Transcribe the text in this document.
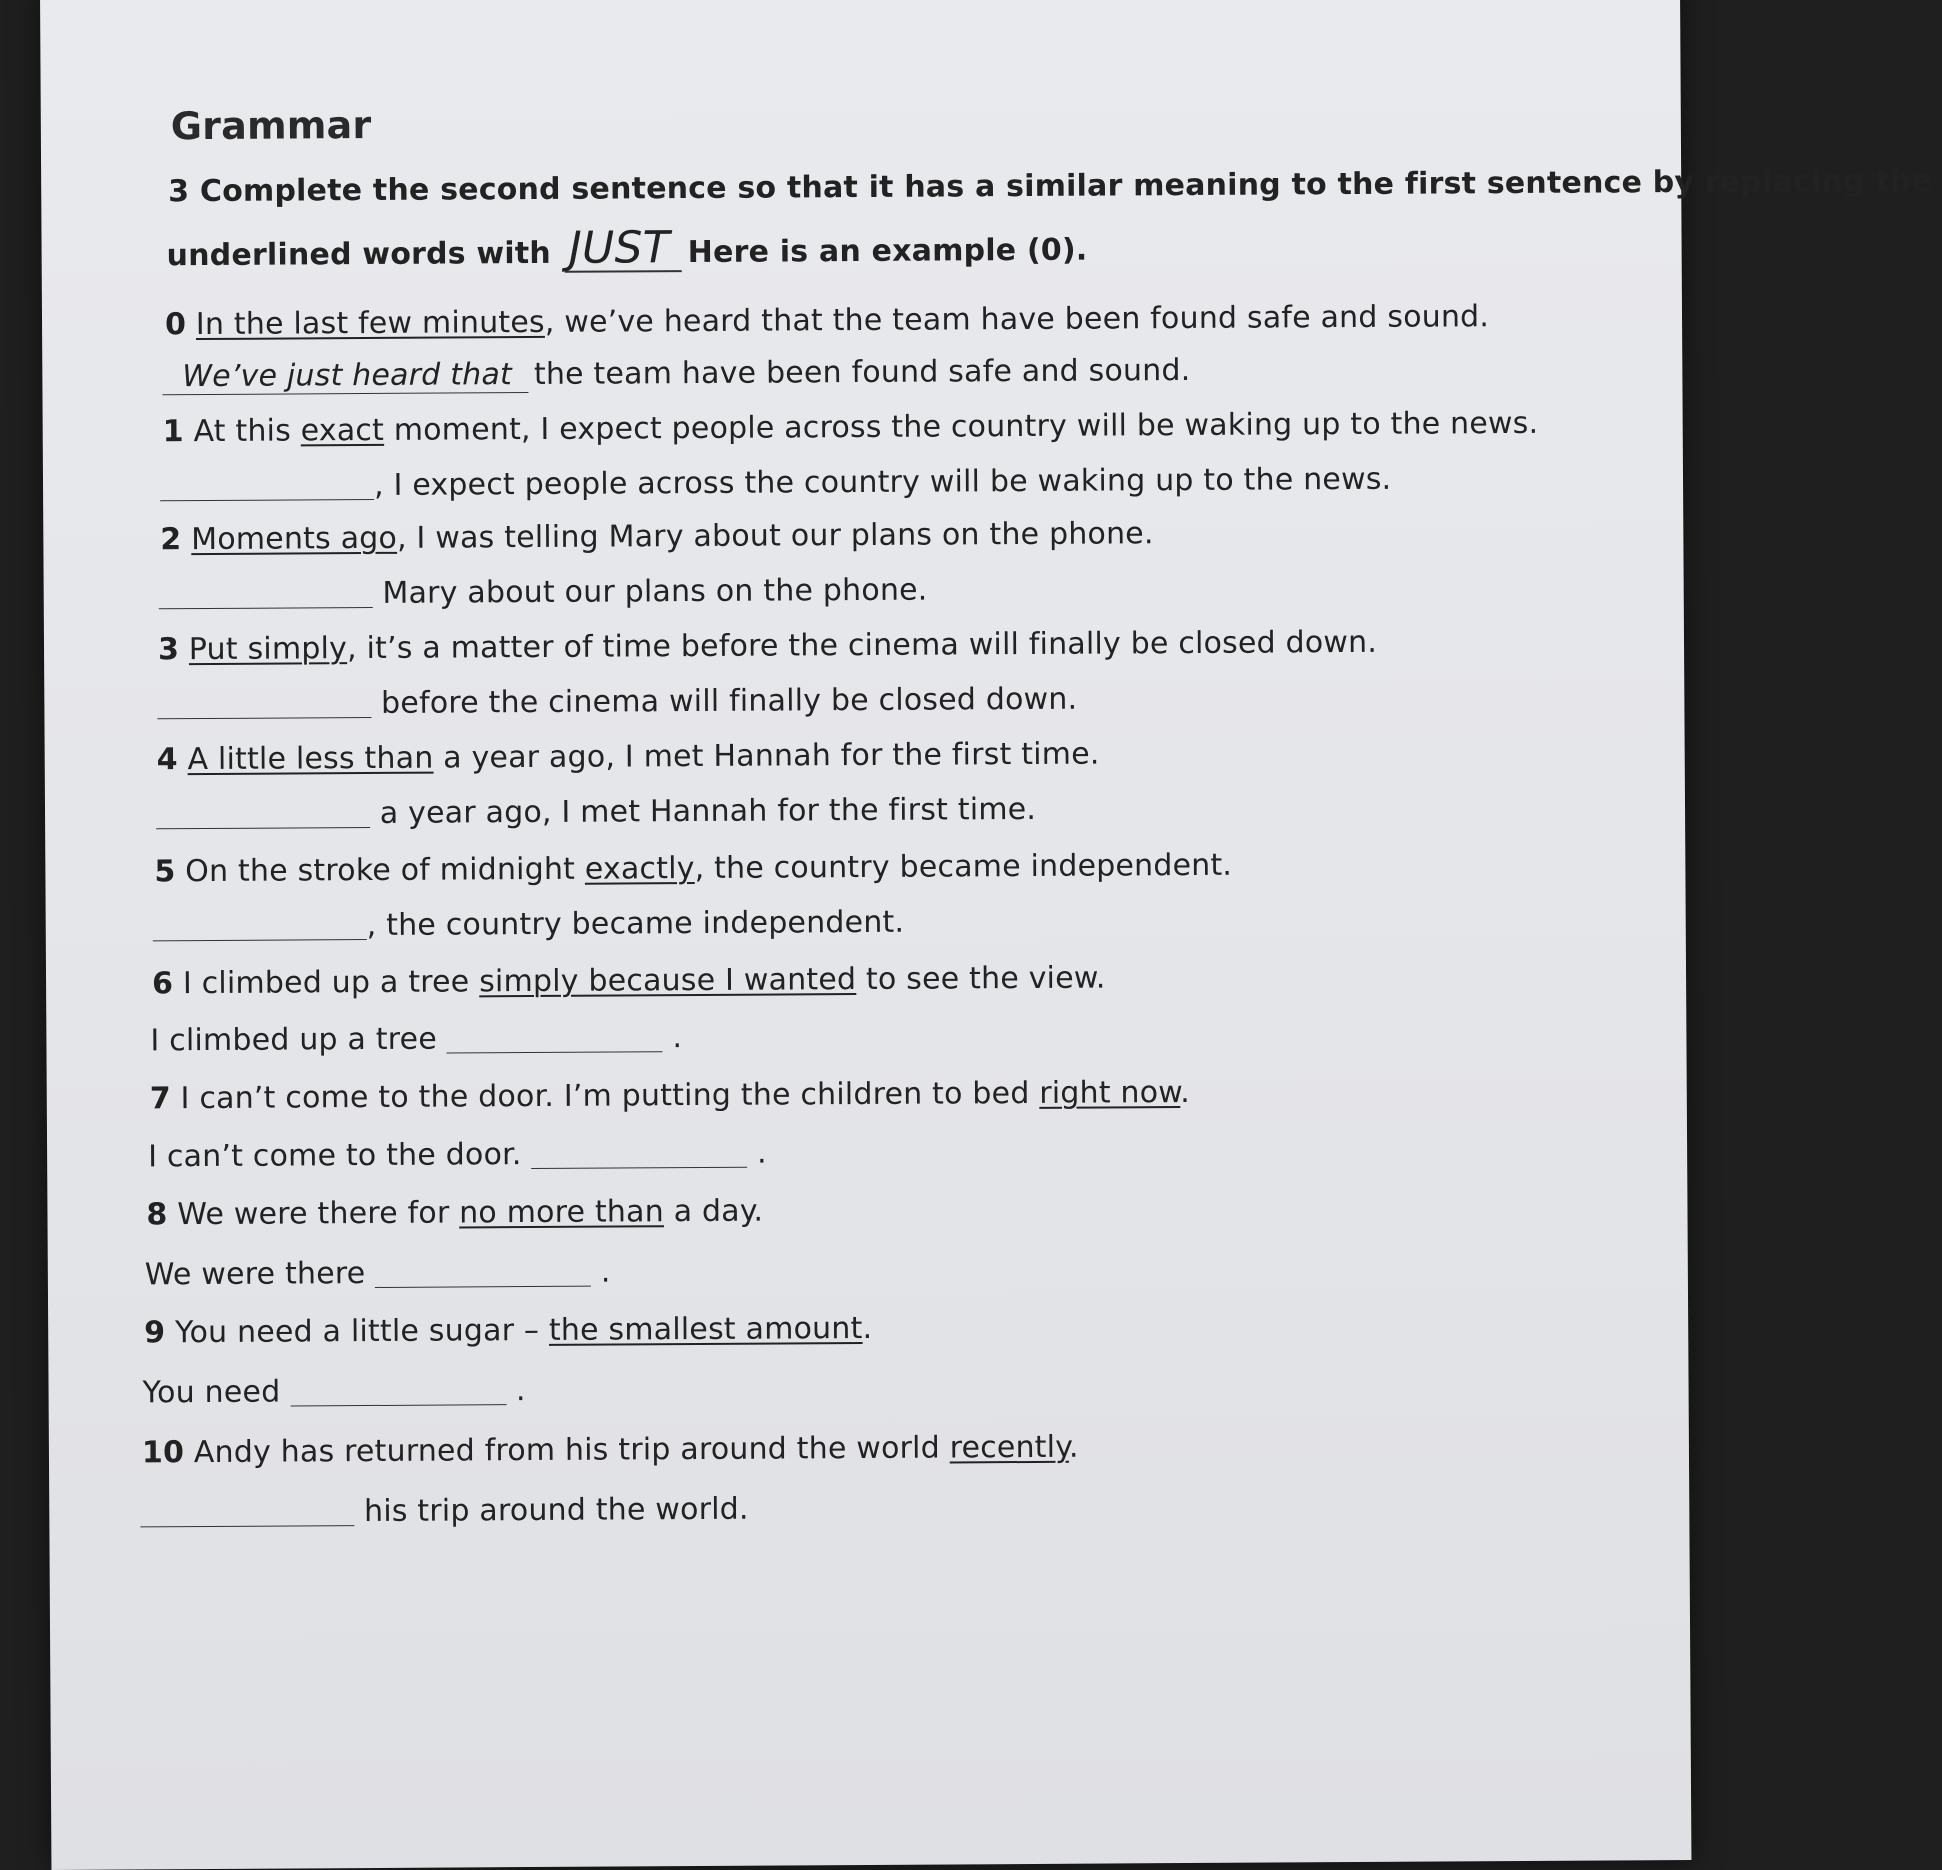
Grammar
3 Complete the second sentence so that it has a similar meaning to the first sentence by replacing the
underlined words with JUST Here is an example (0).
0 In the last few minutes, we’ve heard that the team have been found safe and sound.
We’ve just heard that the team have been found safe and sound.
1 At this exact moment, I expect people across the country will be waking up to the news.
, I expect people across the country will be waking up to the news.
2 Moments ago, I was telling Mary about our plans on the phone.
Mary about our plans on the phone.
3 Put simply, it’s a matter of time before the cinema will finally be closed down.
before the cinema will finally be closed down.
4 A little less than a year ago, I met Hannah for the first time.
a year ago, I met Hannah for the first time.
5 On the stroke of midnight exactly, the country became independent.
, the country became independent.
6 I climbed up a tree simply because I wanted to see the view.
I climbed up a tree	.
7 I can’t come to the door. I’m putting the children to bed right now.
I can’t come to the door.	.
8 We were there for no more than a day.
We were there	.
9 You need a little sugar – the smallest amount.
You need	.
10 Andy has returned from his trip around the world recently.
his trip around the world.
